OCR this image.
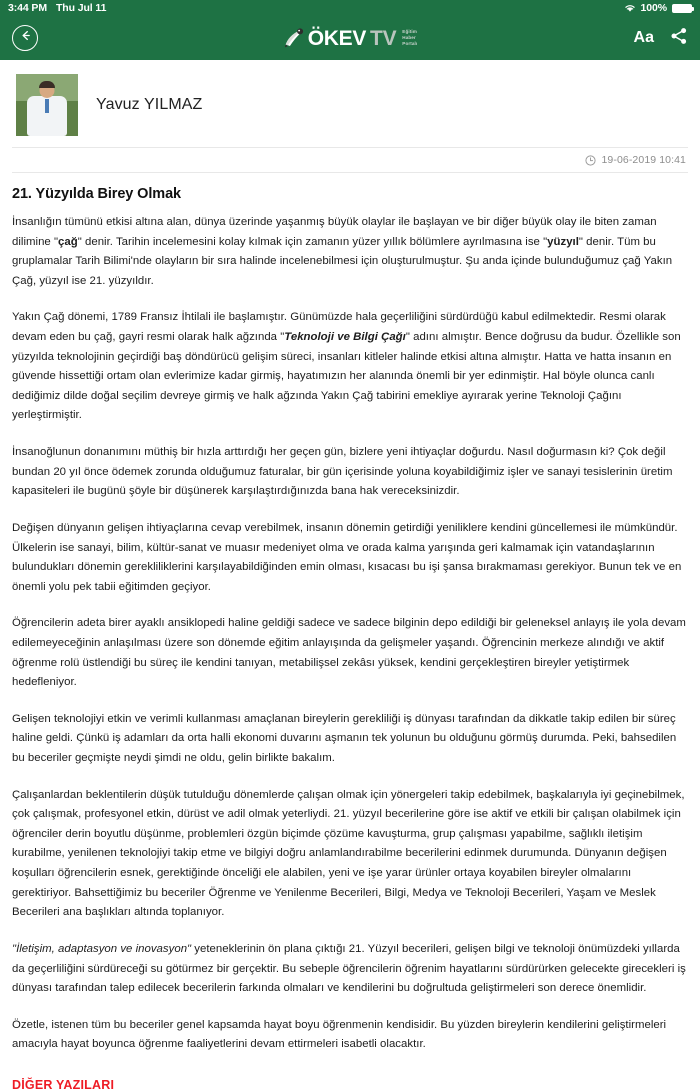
3:44 PM Thu Jul 11	100%
ÖKEV TV Eğitim
Haber
Portalı	Aa
Yavuz YILMAZ
19-06-2019 10:41
21. Yüzyılda Birey Olmak
İnsanlığın tümünü etkisi altına alan, dünya üzerinde yaşanmış büyük olaylar ile başlayan ve bir diğer büyük olay ile biten zaman dilimine "çağ" denir. Tarihin incelemesini kolay kılmak için zamanın yüzer yıllık bölümlere ayrılmasına ise "yüzyıl" denir. Tüm bu gruplamalar Tarih Bilimi'nde olayların bir sıra halinde incelenebilmesi için oluşturulmuştur. Şu anda içinde bulunduğumuz çağ Yakın Çağ, yüzyıl ise 21. yüzyıldır.
Yakın Çağ dönemi, 1789 Fransız İhtilali ile başlamıştır. Günümüzde hala geçerliliğini sürdürdüğü kabul edilmektedir. Resmi olarak devam eden bu çağ, gayri resmi olarak halk ağzında "Teknoloji ve Bilgi Çağı" adını almıştır. Bence doğrusu da budur. Özellikle son yüzyılda teknolojinin geçirdiği baş döndürücü gelişim süreci, insanları kitleler halinde etkisi altına almıştır. Hatta ve hatta insanın en güvende hissettiği ortam olan evlerimize kadar girmiş, hayatımızın her alanında önemli bir yer edinmiştir. Hal böyle olunca canlı dediğimiz dilde doğal seçilim devreye girmiş ve halk ağzında Yakın Çağ tabirini emekliye ayırarak yerine Teknoloji Çağını yerleştirmiştir.
İnsanoğlunun donanımını müthiş bir hızla arttırdığı her geçen gün, bizlere yeni ihtiyaçlar doğurdu. Nasıl doğurmasın ki? Çok değil bundan 20 yıl önce ödemek zorunda olduğumuz faturalar, bir gün içerisinde yoluna koyabildiğimiz işler ve sanayi tesislerinin üretim kapasiteleri ile bugünü şöyle bir düşünerek karşılaştırdığınızda bana hak vereceksinizdir.
Değişen dünyanın gelişen ihtiyaçlarına cevap verebilmek, insanın dönemin getirdiği yeniliklere kendini güncellemesi ile mümkündür. Ülkelerin ise sanayi, bilim, kültür-sanat ve muasır medeniyet olma ve orada kalma yarışında geri kalmamak için vatandaşlarının bulundukları dönemin gerekliliklerini karşılayabildiğinden emin olması, kısacası bu işi şansa bırakmaması gerekiyor. Bunun tek ve en önemli yolu pek tabii eğitimden geçiyor.
Öğrencilerin adeta birer ayaklı ansiklopedi haline geldiği sadece ve sadece bilginin depo edildiği bir geleneksel anlayış ile yola devam edilemeyeceğinin anlaşılması üzere son dönemde eğitim anlayışında da gelişmeler yaşandı. Öğrencinin merkeze alındığı ve aktif öğrenme rolü üstlendiği bu süreç ile kendini tanıyan, metabilişsel zekâsı yüksek, kendini gerçekleştiren bireyler yetiştirmek hedefleniyor.
Gelişen teknolojiyi etkin ve verimli kullanması amaçlanan bireylerin gerekliliği iş dünyası tarafından da dikkatle takip edilen bir süreç haline geldi. Çünkü iş adamları da orta halli ekonomi duvarını aşmanın tek yolunun bu olduğunu görmüş durumda. Peki, bahsedilen bu beceriler geçmişte neydi şimdi ne oldu, gelin birlikte bakalım.
Çalışanlardan beklentilerin düşük tutulduğu dönemlerde çalışan olmak için yönergeleri takip edebilmek, başkalarıyla iyi geçinebilmek, çok çalışmak, profesyonel etkin, dürüst ve adil olmak yeterliydi. 21. yüzyıl becerilerine göre ise aktif ve etkili bir çalışan olabilmek için öğrenciler derin boyutlu düşünme, problemleri özgün biçimde çözüme kavuşturma, grup çalışması yapabilme, sağlıklı iletişim kurabilme, yenilenen teknolojiyi takip etme ve bilgiyi doğru anlamlandırabilme becerilerini edinmek durumunda. Dünyanın değişen koşulları öğrencilerin esnek, gerektiğinde önceliği ele alabilen, yeni ve işe yarar ürünler ortaya koyabilen bireyler olmalarını gerektiriyor. Bahsettiğimiz bu beceriler Öğrenme ve Yenilenme Becerileri, Bilgi, Medya ve Teknoloji Becerileri, Yaşam ve Meslek Becerileri ana başlıkları altında toplanıyor.
"İletişim, adaptasyon ve inovasyon" yeteneklerinin ön plana çıktığı 21. Yüzyıl becerileri, gelişen bilgi ve teknoloji önümüzdeki yıllarda da geçerliliğini sürdüreceği su götürmez bir gerçektir. Bu sebeple öğrencilerin öğrenim hayatlarını sürdürürken gelecekte girecekleri iş dünyası tarafından talep edilecek becerilerin farkında olmaları ve kendilerini bu doğrultuda geliştirmeleri son derece önemlidir.
Özetle, istenen tüm bu beceriler genel kapsamda hayat boyu öğrenmenin kendisidir. Bu yüzden bireylerin kendilerini geliştirmeleri amacıyla hayat boyunca öğrenme faaliyetlerini devam ettirmeleri isabetli olacaktır.
DİĞER YAZILARI
